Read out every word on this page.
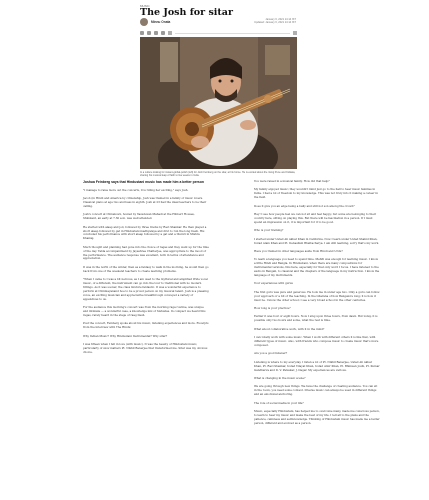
MUSIC
The Josh for sitar
Minnu Onata
January 6, 2021 14:14 IST
Updated: January 6, 2021 14:14 IST
In a culture looking for instant-global-polish (left) for Josh Feinberg on the sitar, at his home. He is excited about the rising Pune and Kolkata, sharing his musical leap of faith to live weeks in India.

Joshua Feinberg says that Hindustani music has made him a better person

"I manage to raise more out the concerts, it is riding her exciting," says Josh.

Jacob (in Hindi and America by citizenship, Josh was trained in a family of music lovers. Classical piano at age two and bass in eighth. Josh at 23 had the ideal teachers to be their calling.

Josh's concert at Chinatown, hosted by Vasudevan Mahadi at the Hibbert Houses, Shimkent, an early at 7.30 a.m. was well attended.

He started with alaap and jod, followed by three tracks by Ravi Shankar. He then played a short alaap followed by gat in Hindustani madhyalaya and drut to run the long Desh. His concluded his performance with short alaap followed by a gat and a thumri in Mishra Khamaj.

Much thought and planning had gone into the choice of ragas and they went up for the time of the day. Tabla accompaniment by Jayashree Chatterjee, was appropriate to the mood of the performance. The audience response was excellent, both in terms of attendance and appreciation.

It was in the north of the winter, then as a fantasy to walk in the morning, he would then go back from one of the weekend teachers to create learning problems.

"When I came to I was a bit nervous, as I am used to the mythical and amplified Wide vocal music, of a different, the instrument can go into the tour to traditional with no modern fittings. As it was sooner, the class mixture fantastic. It was a wonderful experience to perform at Chinmayanand hoe to be a proud person on my musical talent. Josh is a pleasing voice, an exciting musician and appreciative breakthrough conveyed a variety of appendices to us.

For the audience this morning's concert was from the morning raga routine, was unique and intimate — a wonderful case, a knowledge mix of Sishudas. In compact we heard this ragas, rarely heard in the stage of raag Desh.

Post the concert, Feinberg spoke about his music, listening experiences and more. Excerpts from the interview with The Hindu:

Why Indian Music? Why Hindustani Instrumental? Why sitar?

I was fifteen when I fell in love (with music). It was the beauty of Hindustani music, particularly of slow matters Pt. Nikhil Banerjee that transformed me. Sitar was my obvious choice.

You were raised in a musical family. How did that help?

My family enjoyed music; they wouldn't mind just go to the hall to hear music families in India. I had a lot of freedom to my knowledge. This was not truly into it making a career in the field.

Does it give you an edge being a bally and still not son among the crowd?

Hey! I see how people feel we can not sit and feel happy; but some are belonging to their country here, sitting on playing this. But there will be fascination in a person. If I must spend an impression on it, it is important for it to be good.

Who is your training?

I started under Ustad Ali Akbar Khan in California. Now I learn under Ustad Shahid Khan, Ustad Alam Khan and Pt. Debashish Bhattacharya. I am still learning, sorry that's my work.

Have you trained in other languages aside from Hindi and Urdu?

To learn a language you need to spend time. Mehfil was enough for learning music. I know a little Hindi and Bangla. In Hindustani, when there are many compositions for instrumental versions, this here, especially for that only word I focus. I have listened to the audio in Bengali, to classical and the chapters of the language in my instruction. I know the language of my instruments.

Your experiences with gurus

The first guru was pure and generous. He took me in under age two. Only a guru can follow your approach or a bit of the teaching. In the Gharana of how Bangalore long; it is how it must be. I know the other school; I see a very broad school in the other centuries.

How long is your practice?

Earlier it was four or eight hours. Now I sing upon three hours, from dawn. But today, it is possible only two hours and some, what the rest is time.

What about collaborative work, with it in the mind?

I can totally work with some music. When I work with different others it is like that, with different types of music. Also, with friends who compose music to create music that's more composed.

Are you a good listener?

Listening is where to my everyday. I listen a lot of Pt. Nikhil Banerjee, Ustad Ali Akbar Khan, Pt. Ravi Shankar, Ustad Vilayat Khan, Ustad Amir Khan, Pt. Bhimsen Joshi, Pt. Kumar Gandharva and D. V. Paluskar, J. Dagar. My experiences are various.

What is changing in the music scene?

We are going through new things. We have the challenge of creating audience. You can sit in the room, you need some context. Diverse music can always be used in different things and an emotional anchoring.

The role of social media in your life?

Music, especially Hindustani, has helped me to overcome many, made me conscious person, to learn to hear my music and make the best of my life. I tell all to the plans and the patience, calmness and self-knowledge. Thinking of Hindustani music has made me a better person, different and evolved as a person.
